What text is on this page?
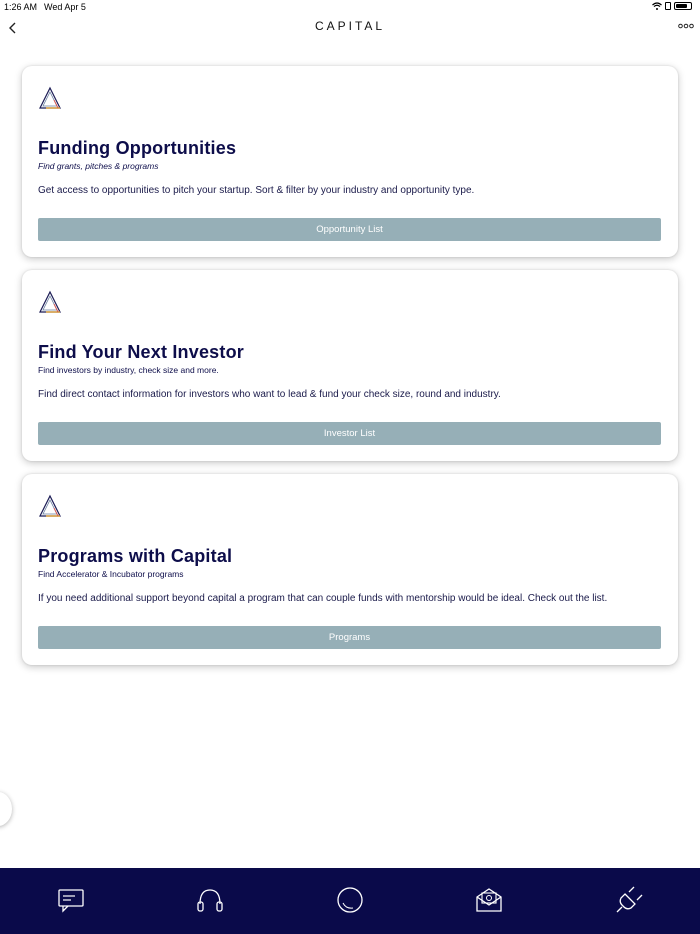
1:26 AM Wed Apr 5
CAPITAL
Funding Opportunities
Find grants, pitches & programs
Get access to opportunities to pitch your startup. Sort & filter by your industry and opportunity type.
Opportunity List
Find Your Next Investor
Find investors by industry, check size and more.
Find direct contact information for investors who want to lead & fund your check size, round and industry.
Investor List
Programs with Capital
Find Accelerator & Incubator programs
If you need additional support beyond capital a program that can couple funds with mentorship would be ideal. Check out the list.
Programs
